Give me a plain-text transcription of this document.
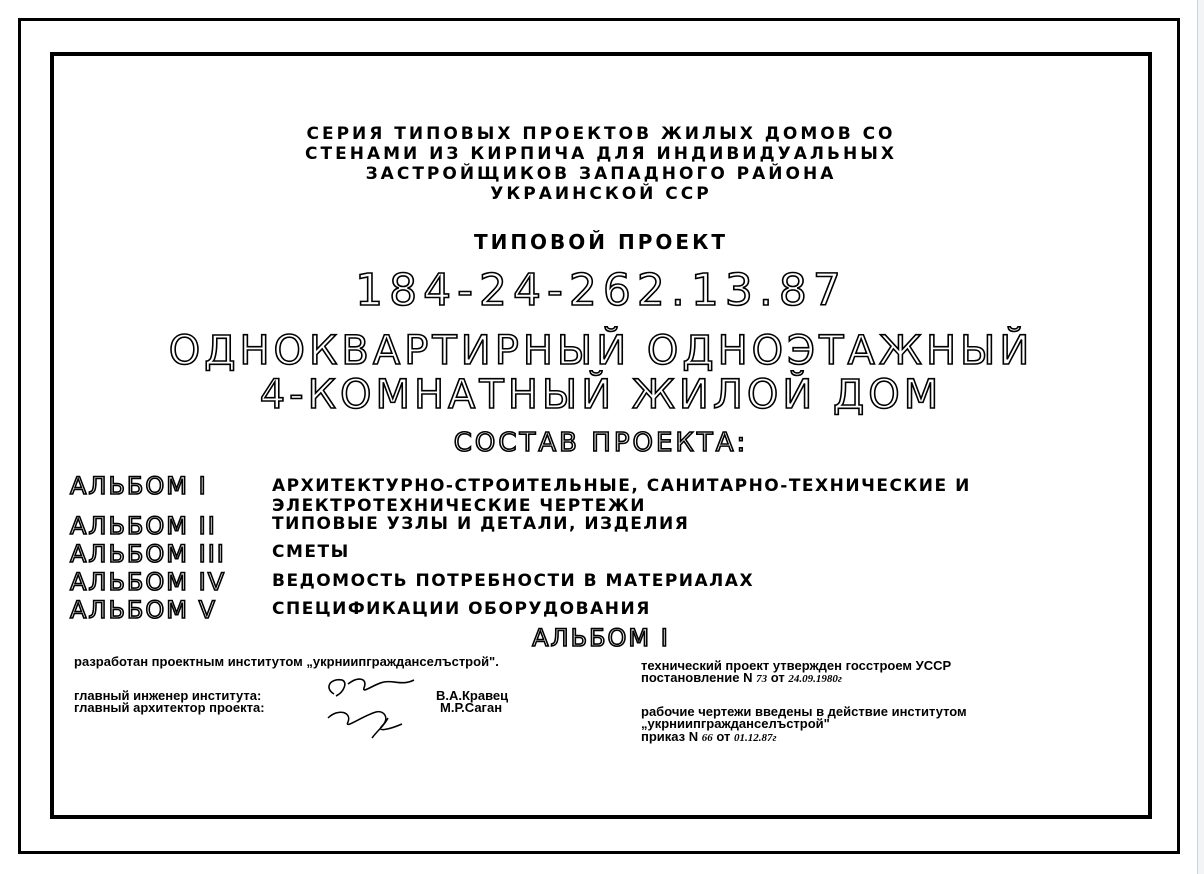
СЕРИЯ ТИПОВЫХ ПРОЕКТОВ ЖИЛЫХ ДОМОВ СО
СТЕНАМИ ИЗ КИРПИЧА ДЛЯ ИНДИВИДУАЛЬНЫХ
ЗАСТРОЙЩИКОВ ЗАПАДНОГО РАЙОНА
УКРАИНСКОЙ ССР
ТИПОВОЙ ПРОЕКТ
184-24-262.13.87
ОДНОКВАРТИРНЫЙ ОДНОЭТАЖНЫЙ
4-КОМНАТНЫЙ ЖИЛОЙ ДОМ
СОСТАВ ПРОЕКТА:
АЛЬБОМ I	АРХИТЕКТУРНО-СТРОИТЕЛЬНЫЕ, САНИТАРНО-ТЕХНИЧЕСКИЕ И
ЭЛЕКТРОТЕХНИЧЕСКИЕ ЧЕРТЕЖИ
АЛЬБОМ II	ТИПОВЫЕ УЗЛЫ И ДЕТАЛИ, ИЗДЕЛИЯ
АЛЬБОМ III	СМЕТЫ
АЛЬБОМ IV	ВЕДОМОСТЬ ПОТРЕБНОСТИ В МАТЕРИАЛАХ
АЛЬБОМ V	СПЕЦИФИКАЦИИ ОБОРУДОВАНИЯ
АЛЬБОМ I
разработан проектным институтом „укрниипгражданселъстрой".
главный инженер института:
главный архитектор проекта:
В.А.Кравец
М.Р.Саган
технический проект утвержден госстроем УССР
постановление N 73 от 24.09.1980г
рабочие чертежи введены в действие институтом
„укрниипгражданселъстрой"
приказ N 66 от 01.12.87г
